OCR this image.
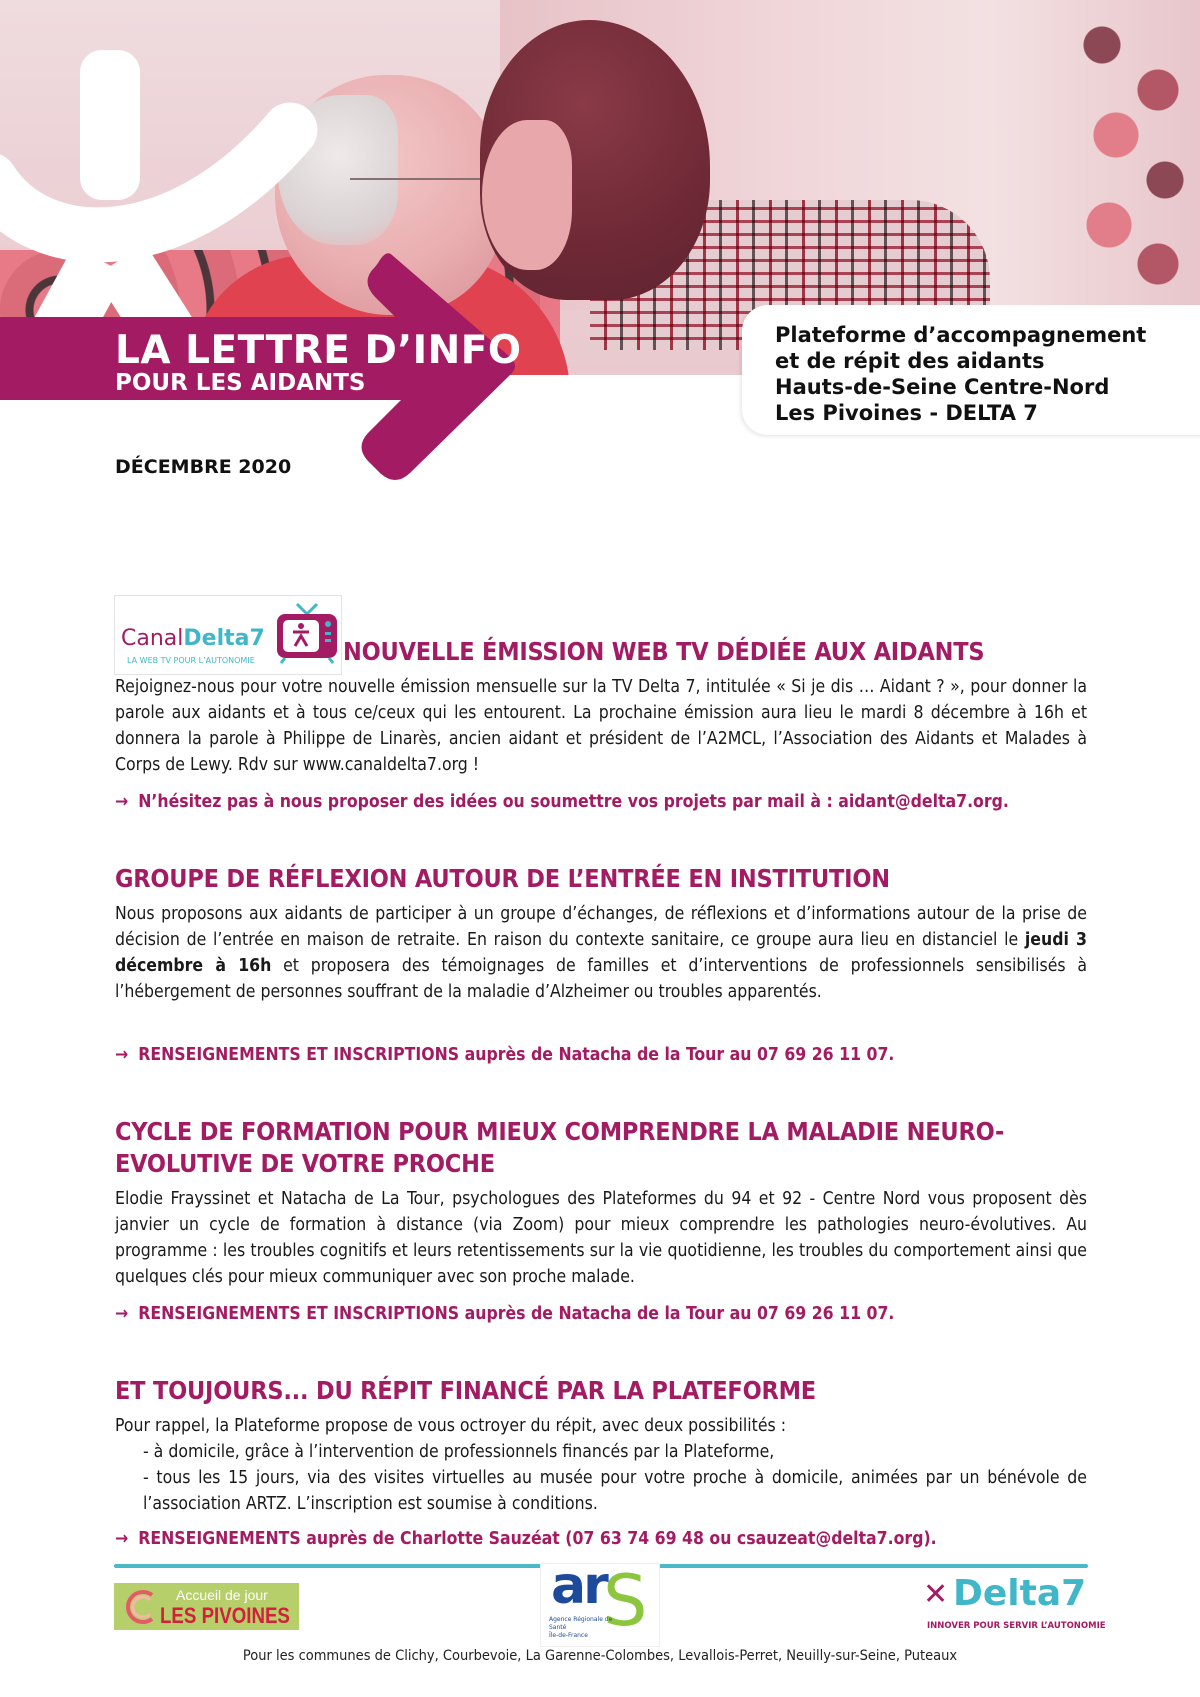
LA LETTRE D’INFO
POUR LES AIDANTS
DÉCEMBRE 2020
Plateforme d’accompagnement
et de répit des aidants
Hauts-de-Seine Centre-Nord
Les Pivoines - DELTA 7
CanalDelta7
LA WEB TV POUR L’AUTONOMIE	NOUVELLE ÉMISSION WEB TV DÉDIÉE AUX AIDANTS
Rejoignez-nous pour votre nouvelle émission mensuelle sur la TV Delta 7, intitulée « Si je dis … Aidant ? », pour donner la parole aux aidants et à tous ce/ceux qui les entourent. La prochaine émission aura lieu le mardi 8 décembre à 16h et donnera la parole à Philippe de Linarès, ancien aidant et président de l’A2MCL, l’Association des Aidants et Malades à Corps de Lewy. Rdv sur www.canaldelta7.org !
→ N’hésitez pas à nous proposer des idées ou soumettre vos projets par mail à : aidant@delta7.org.
GROUPE DE RÉFLEXION AUTOUR DE L’ENTRÉE EN INSTITUTION
Nous proposons aux aidants de participer à un groupe d’échanges, de réflexions et d’informations autour de la prise de décision de l’entrée en maison de retraite. En raison du contexte sanitaire, ce groupe aura lieu en distanciel le jeudi 3 décembre à 16h et proposera des témoignages de familles et d’interventions de professionnels sensibilisés à l’hébergement de personnes souffrant de la maladie d’Alzheimer ou troubles apparentés.
→ RENSEIGNEMENTS ET INSCRIPTIONS auprès de Natacha de la Tour au 07 69 26 11 07.
CYCLE DE FORMATION POUR MIEUX COMPRENDRE LA MALADIE NEURO-
EVOLUTIVE DE VOTRE PROCHE
Elodie Frayssinet et Natacha de La Tour, psychologues des Plateformes du 94 et 92 - Centre Nord vous proposent dès janvier un cycle de formation à distance (via Zoom) pour mieux comprendre les pathologies neuro-évolutives. Au programme : les troubles cognitifs et leurs retentissements sur la vie quotidienne, les troubles du comportement ainsi que quelques clés pour mieux communiquer avec son proche malade.
→ RENSEIGNEMENTS ET INSCRIPTIONS auprès de Natacha de la Tour au 07 69 26 11 07.
ET TOUJOURS... DU RÉPIT FINANCÉ PAR LA PLATEFORME
Pour rappel, la Plateforme propose de vous octroyer du répit, avec deux possibilités :
- à domicile, grâce à l’intervention de professionnels financés par la Plateforme,
- tous les 15 jours, via des visites virtuelles au musée pour votre proche à domicile, animées par un bénévole de l’association ARTZ. L’inscription est soumise à conditions.
→ RENSEIGNEMENTS auprès de Charlotte Sauzéat (07 63 74 69 48 ou csauzeat@delta7.org).
Accueil de jour
LES PIVOINES	ar
S
Agence Régionale de Santé
Île-de-France
✕ Delta7
INNOVER POUR SERVIR L’AUTONOMIE
Pour les communes de Clichy, Courbevoie, La Garenne-Colombes, Levallois-Perret, Neuilly-sur-Seine, Puteaux
